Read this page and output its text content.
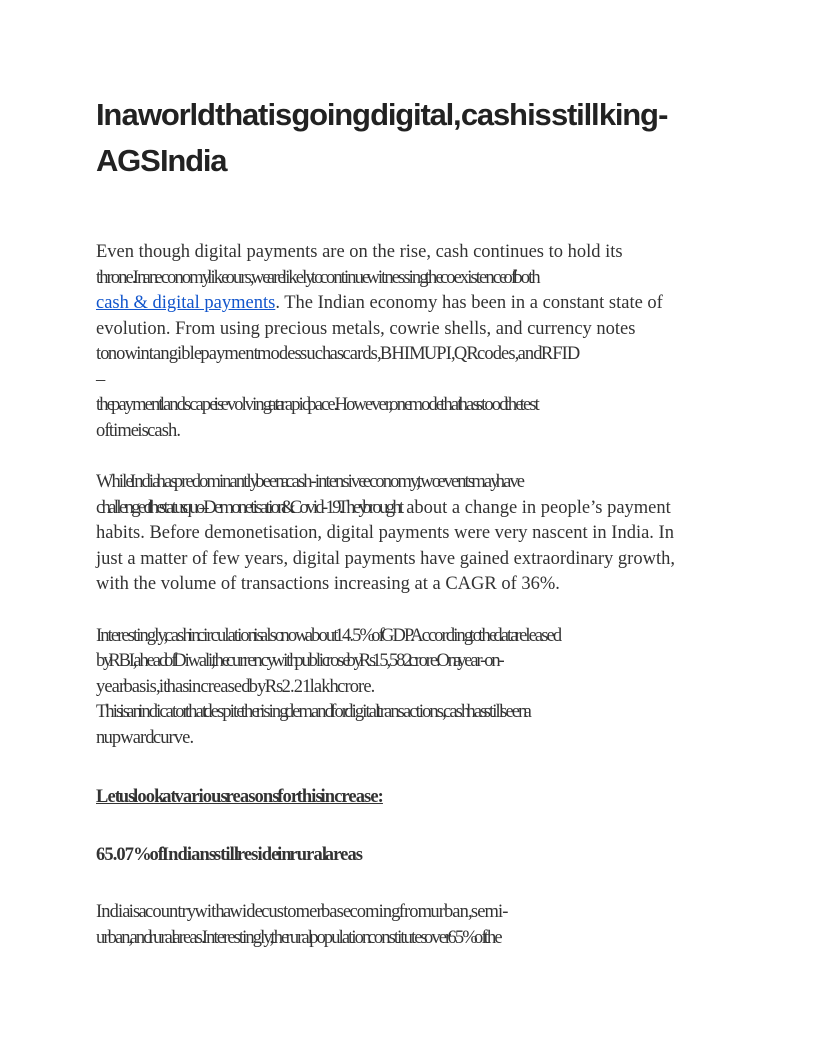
In a world that is going digital, cash is still king -
AGS India

Even though digital payments are on the rise, cash continues to hold its
throne. In an economy like ours, we are likely to continue witnessing the coexistence of both
cash & digital payments. The Indian economy has been in a constant state of
evolution. From using precious metals, cowrie shells, and currency notes
to now intangible payment modes such as cards, BHIM UPI, QR codes, and RFID
–
the payment landscape is evolving at a rapid pace. However, one mode that has stood the test
of time is cash.

While India has predominantly been a cash-intensive economy, two events may have
challenged the status quo – Demonetisation & Covid-19. They brought about a change in people’s payment
habits. Before demonetisation, digital payments were very nascent in India. In
just a matter of few years, digital payments have gained extraordinary growth,
with the volume of transactions increasing at a CAGR of 36%.

Interestingly, cash in circulation is also now about 14.5% of GDP. According to the data released
by RBI, ahead of Diwali, the currency with public rose by Rs 15,582 crore. On a year-on-
year basis, it has increased by Rs 2.21 lakh crore.
This is an indicator that despite the rising demand for digital transactions, cash has still seen a
n upward curve.

Let us look at various reasons for this increase:

65.07% of Indians still reside in rural areas

India is a country with a wide customer base coming from urban, semi-
urban, and rural areas. Interestingly, the rural population constitutes over 65% of the
